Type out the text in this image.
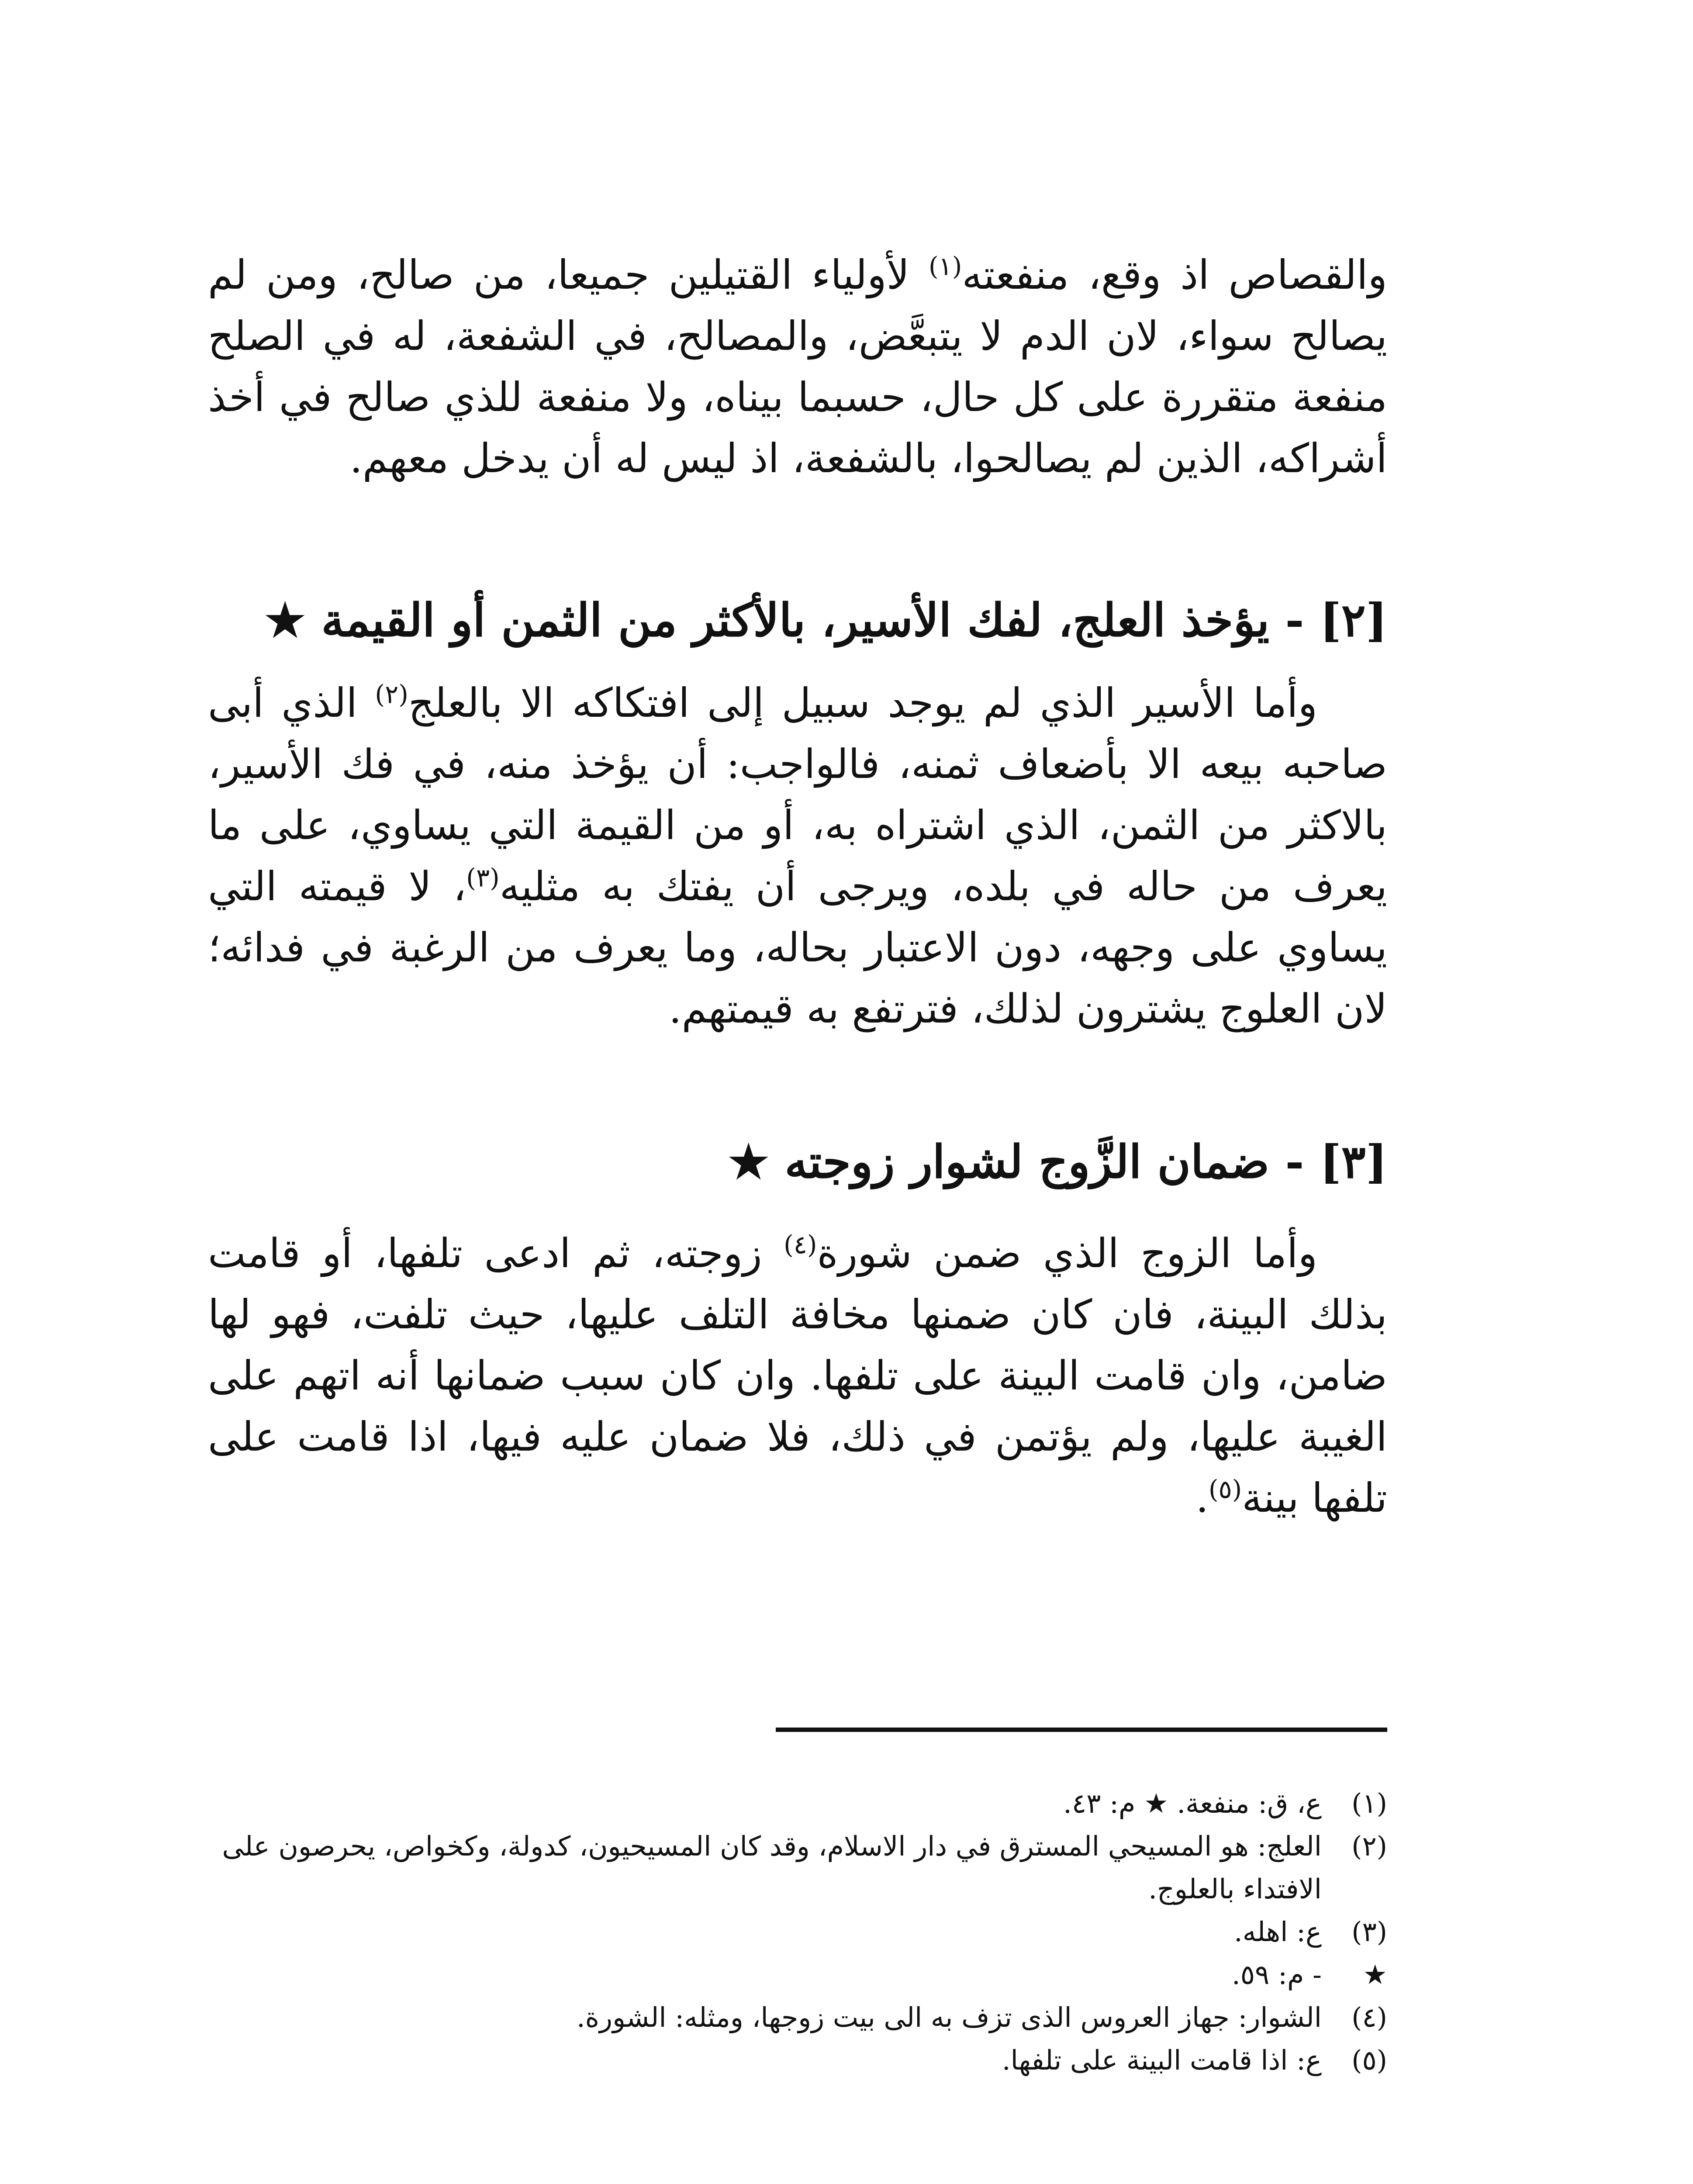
والقصاص اذ وقع، منفعته$^{(١)}$ لأولياء القتيلين جميعا، من صالح، ومن لم يصالح سواء، لان الدم لا يتبعَّض، والمصالح، في الشفعة، له في الصلح منفعة متقررة على كل حال، حسبما بيناه، ولا منفعة للذي صالح في أخذ أشراكه، الذين لم يصالحوا، بالشفعة، اذ ليس له أن يدخل معهم.

[٢] - يؤخذ العلج، لفك الأسير، بالأكثر من الثمن أو القيمة ★

وأما الأسير الذي لم يوجد سبيل إلى افتكاكه الا بالعلج$^{(٢)}$ الذي أبى صاحبه بيعه الا بأضعاف ثمنه، فالواجب: أن يؤخذ منه، في فك الأسير، بالاكثر من الثمن، الذي اشتراه به، أو من القيمة التي يساوي، على ما يعرف من حاله في بلده، ويرجى أن يفتك به مثليه$^{(٣)}$، لا قيمته التي يساوي على وجهه، دون الاعتبار بحاله، وما يعرف من الرغبة في فدائه؛ لان العلوج يشترون لذلك، فترتفع به قيمتهم.

[٣] - ضمان الزَّوج لشوار زوجته ★

وأما الزوج الذي ضمن شورة$^{(٤)}$ زوجته، ثم ادعى تلفها، أو قامت بذلك البينة، فان كان ضمنها مخافة التلف عليها، حيث تلفت، فهو لها ضامن، وان قامت البينة على تلفها. وان كان سبب ضمانها أنه اتهم على الغيبة عليها، ولم يؤتمن في ذلك، فلا ضمان عليه فيها، اذا قامت على تلفها بينة$^{(٥)}$.

(١)
ع، ق: منفعة. ★ م: ٤٣.
(٢)
العلج: هو المسيحي المسترق في دار الاسلام، وقد كان المسيحيون، كدولة، وكخواص، يحرصون على الافتداء بالعلوج.
(٣)
ع: اهله.
★
- م: ٥٩.
(٤)
الشوار: جهاز العروس الذى تزف به الى بيت زوجها، ومثله: الشورة.
(٥)
ع: اذا قامت البينة على تلفها.
